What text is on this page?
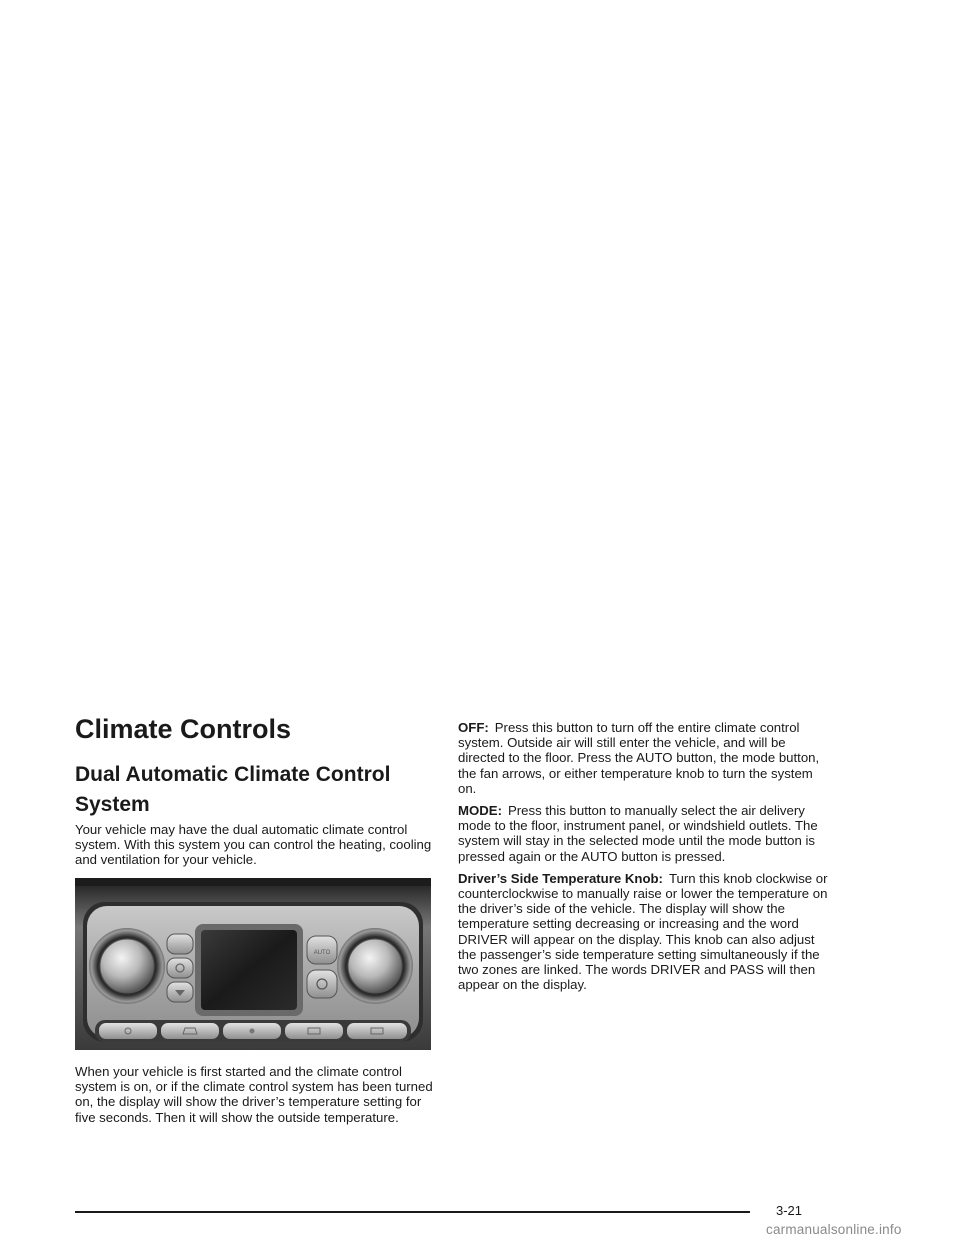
Climate Controls
Dual Automatic Climate Control System

Your vehicle may have the dual automatic climate control system. With this system you can control the heating, cooling and ventilation for your vehicle.

AUTO

When your vehicle is first started and the climate control system is on, or if the climate control system has been turned on, the display will show the driver’s temperature setting for five seconds. Then it will show the outside temperature.

OFF: Press this button to turn off the entire climate control system. Outside air will still enter the vehicle, and will be directed to the floor. Press the AUTO button, the mode button, the fan arrows, or either temperature knob to turn the system on.

MODE: Press this button to manually select the air delivery mode to the floor, instrument panel, or windshield outlets. The system will stay in the selected mode until the mode button is pressed again or the AUTO button is pressed.

Driver’s Side Temperature Knob: Turn this knob clockwise or counterclockwise to manually raise or lower the temperature on the driver’s side of the vehicle. The display will show the temperature setting decreasing or increasing and the word DRIVER will appear on the display. This knob can also adjust the passenger’s side temperature setting simultaneously if the two zones are linked. The words DRIVER and PASS will then appear on the display.

3-21
carmanualsonline.info
